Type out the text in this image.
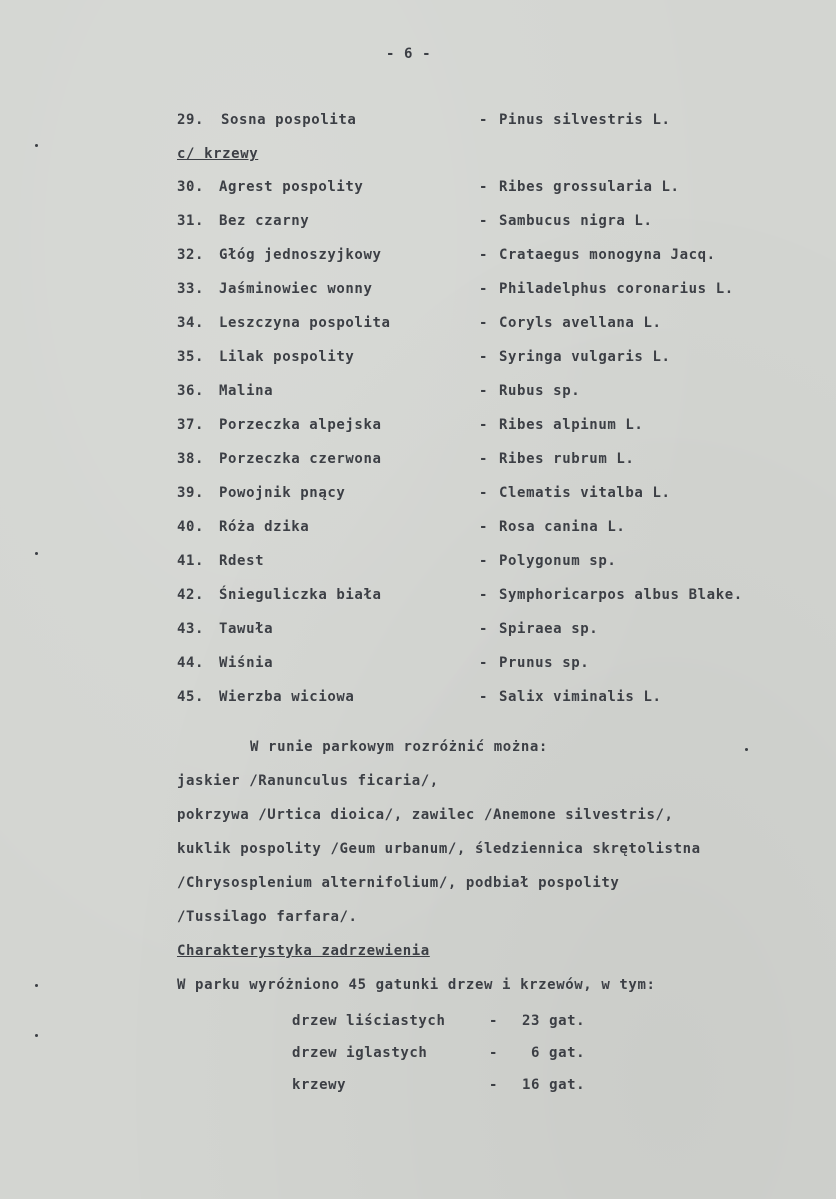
- 6 -
29. Sosna pospolita	- Pinus silvestris L.
c/ krzewy
30. Agrest pospolity	- Ribes grossularia L.
31. Bez czarny	- Sambucus nigra L.
32. Głóg jednoszyjkowy	- Crataegus monogyna Jacq.
33. Jaśminowiec wonny	- Philadelphus coronarius L.
34. Leszczyna pospolita	- Coryls avellana L.
35. Lilak pospolity	- Syringa vulgaris L.
36. Malina	- Rubus sp.
37. Porzeczka alpejska	- Ribes alpinum L.
38. Porzeczka czerwona	- Ribes rubrum L.
39. Powojnik pnący	- Clematis vitalba L.
40. Róża dzika	- Rosa canina L.
41. Rdest	- Polygonum sp.
42. Śnieguliczka biała	- Symphoricarpos albus Blake.
43. Tawuła	- Spiraea sp.
44. Wiśnia	- Prunus sp.
45. Wierzba wiciowa	- Salix viminalis L.
W runie parkowym rozróżnić można:
jaskier /Ranunculus ficaria/,
pokrzywa /Urtica dioica/, zawilec /Anemone silvestris/,
kuklik pospolity /Geum urbanum/, śledziennica skrętolistna
/Chrysosplenium alternifolium/, podbiał pospolity
/Tussilago farfara/.
Charakterystyka zadrzewienia
W parku wyróżniono 45 gatunki drzew i krzewów, w tym:
drzew liściastych	- 23 gat.
drzew iglastych	- 6 gat.
krzewy	- 16 gat.
